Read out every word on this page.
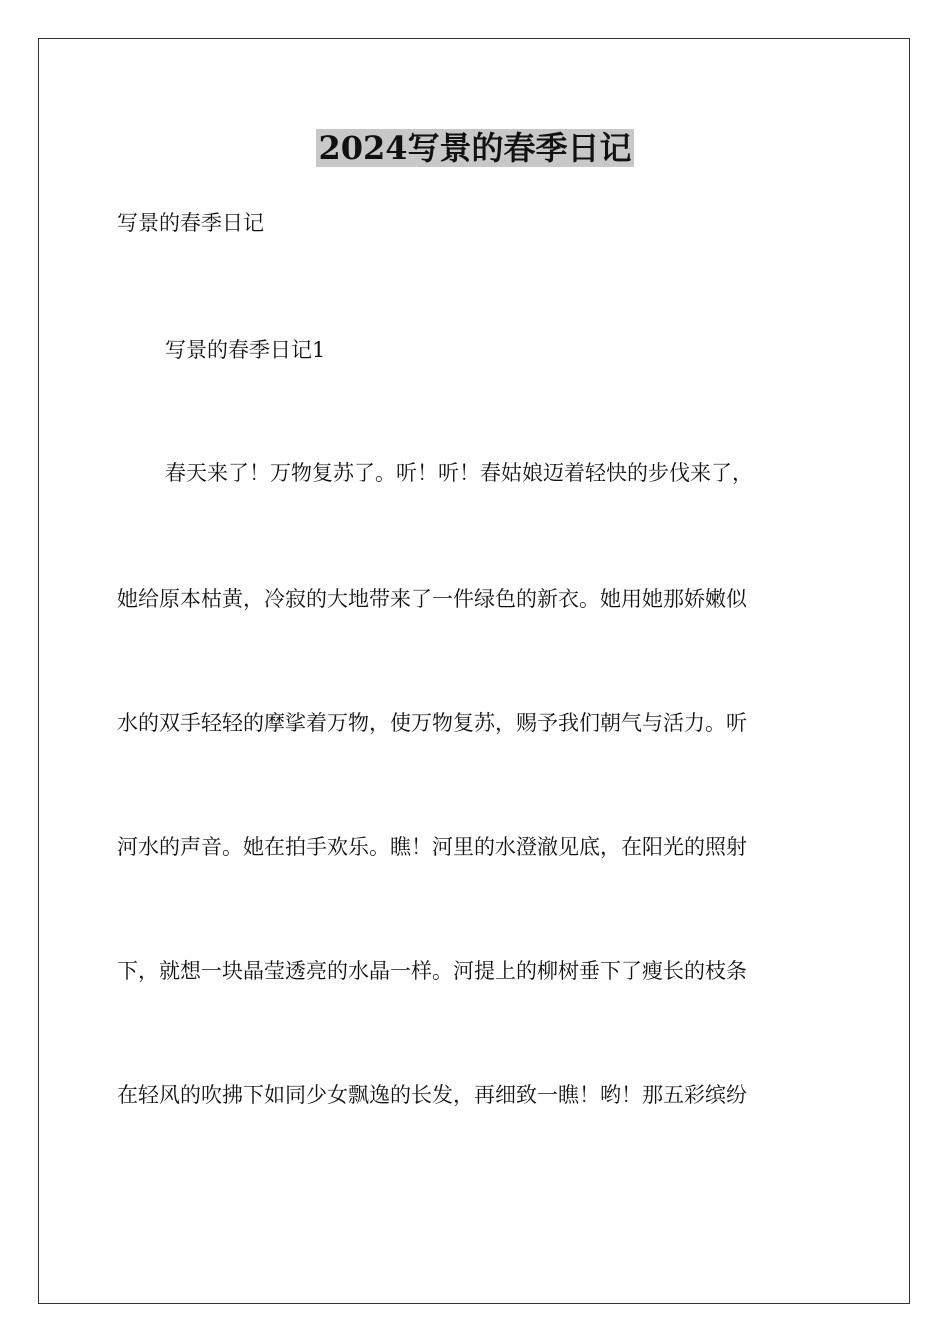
2024写景的春季日记
写景的春季日记
写景的春季日记1
春天来了！万物复苏了。听！听！春姑娘迈着轻快的步伐来了，
她给原本枯黄，冷寂的大地带来了一件绿色的新衣。她用她那娇嫩似
水的双手轻轻的摩挲着万物，使万物复苏，赐予我们朝气与活力。听
河水的声音。她在拍手欢乐。瞧！河里的水澄澈见底，在阳光的照射
下，就想一块晶莹透亮的水晶一样。河提上的柳树垂下了瘦长的枝条
在轻风的吹拂下如同少女飘逸的长发，再细致一瞧！哟！那五彩缤纷
